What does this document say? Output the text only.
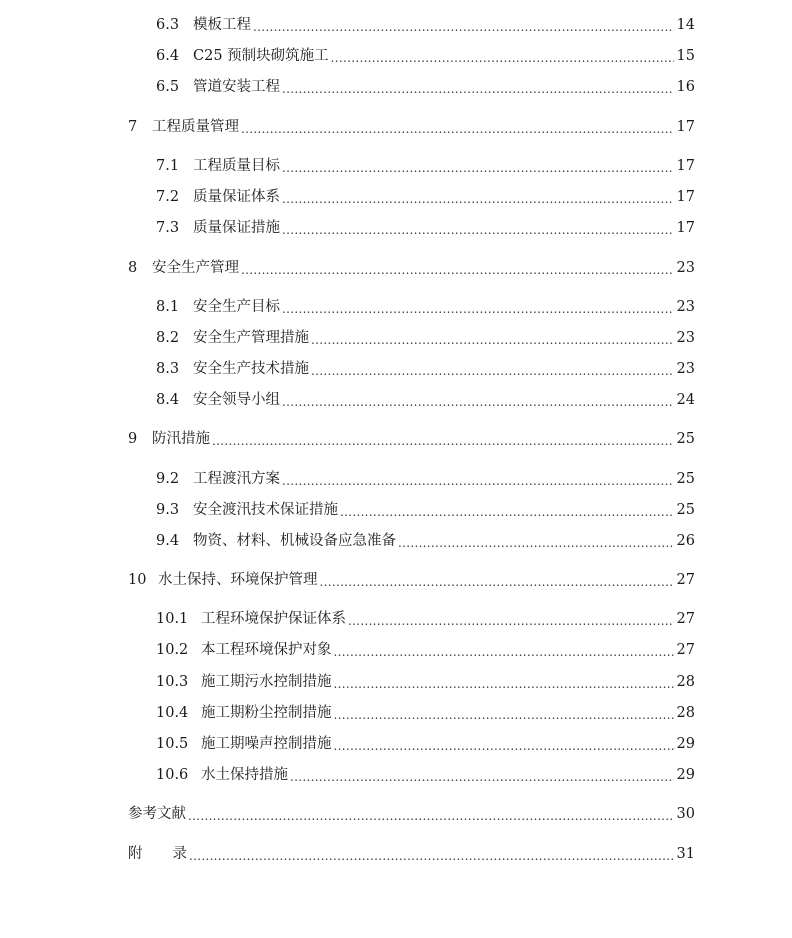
6.3 模板工程 .....	14
6.4 C25 预制块砌筑施工 .....	15
6.5 管道安装工程 .....	16
7	工程质量管理 .....	17
7.1 工程质量目标 .....	17
7.2 质量保证体系 .....	17
7.3 质量保证措施 .....	17
8	安全生产管理 .....	23
8.1 安全生产目标 .....	23
8.2 安全生产管理措施 .....	23
8.3 安全生产技术措施 .....	23
8.4 安全领导小组 .....	24
9	防汛措施 .....	25
9.2 工程渡汛方案 .....	25
9.3 安全渡汛技术保证措施 .....	25
9.4 物资、材料、机械设备应急准备 .....	26
10 水土保持、环境保护管理 .....	27
10.1 工程环境保护保证体系 .....	27
10.2 本工程环境保护对象 .....	27
10.3 施工期污水控制措施 .....	28
10.4 施工期粉尘控制措施 .....	28
10.5 施工期噪声控制措施 .....	29
10.6 水土保持措施 .....	29
参考文献 .....	30
附 录 .....	31
